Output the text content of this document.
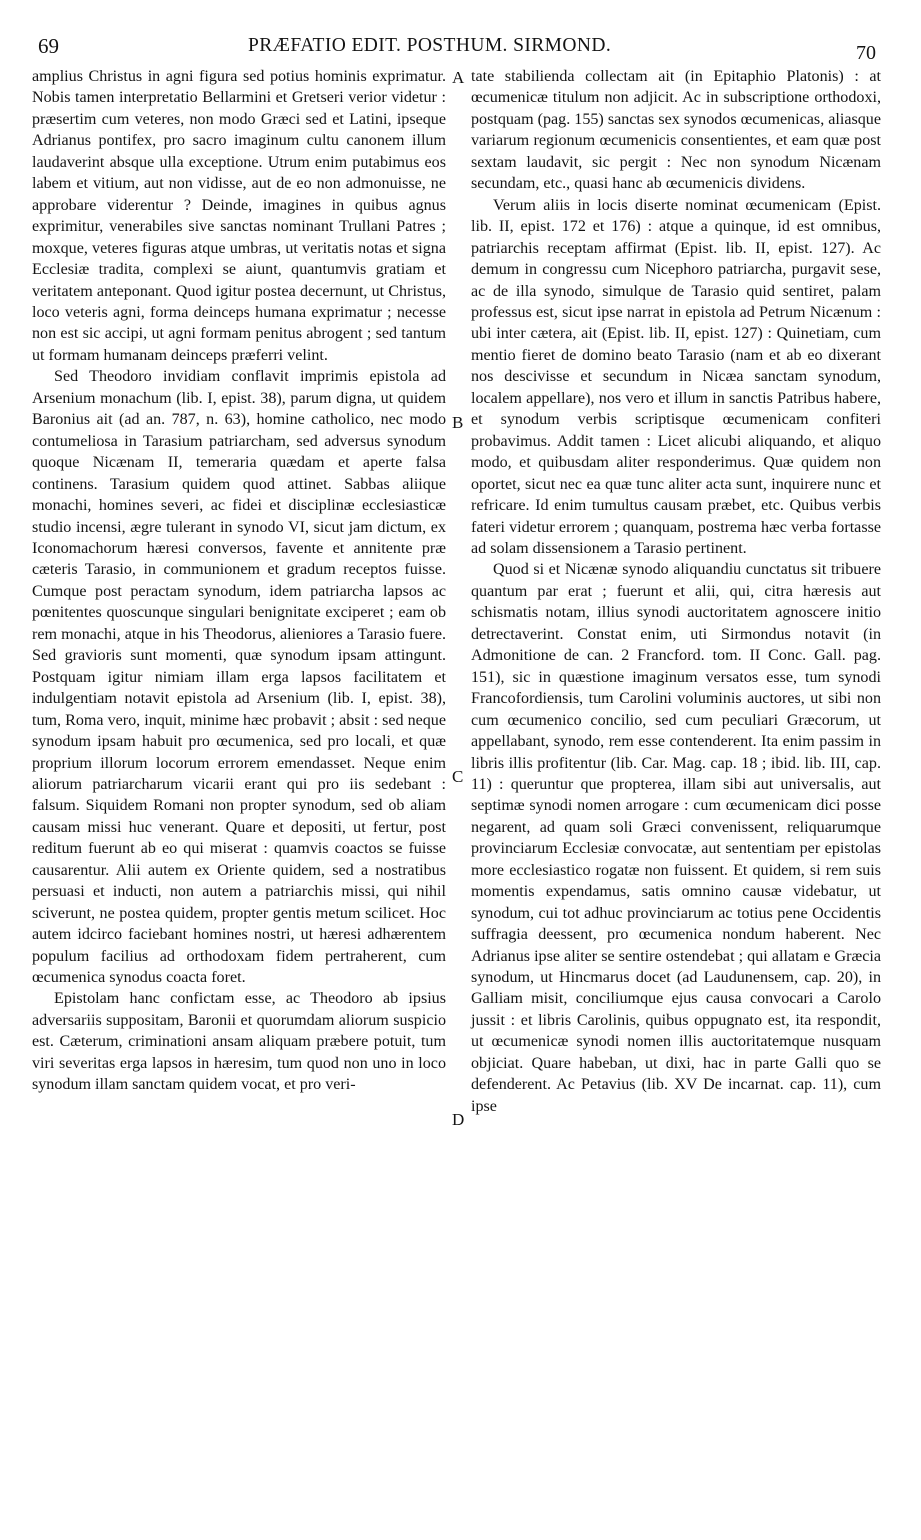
69	PRÆFATIO EDIT. POSTHUM. SIRMOND.	70
A
B
C
D

amplius Christus in agni figura sed potius hominis exprimatur. Nobis tamen interpretatio Bellarmini et Gretseri verior videtur : præsertim cum veteres, non modo Græci sed et Latini, ipseque Adrianus pontifex, pro sacro imaginum cultu canonem illum laudaverint absque ulla exceptione. Utrum enim putabimus eos labem et vitium, aut non vidisse, aut de eo non admonuisse, ne approbare viderentur ? Deinde, imagines in quibus agnus exprimitur, venerabiles sive sanctas nominant Trullani Patres ; moxque, veteres figuras atque umbras, ut veritatis notas et signa Ecclesiæ tradita, complexi se aiunt, quantumvis gratiam et veritatem anteponant. Quod igitur postea decernunt, ut Christus, loco veteris agni, forma deinceps humana exprimatur ; necesse non est sic accipi, ut agni formam penitus abrogent ; sed tantum ut formam humanam deinceps præferri velint.

Sed Theodoro invidiam conflavit imprimis epistola ad Arsenium monachum (lib. I, epist. 38), parum digna, ut quidem Baronius ait (ad an. 787, n. 63), homine catholico, nec modo contumeliosa in Tarasium patriarcham, sed adversus synodum quoque Nicænam II, temeraria quædam et aperte falsa continens. Tarasium quidem quod attinet. Sabbas aliique monachi, homines severi, ac fidei et disciplinæ ecclesiasticæ studio incensi, ægre tulerant in synodo VI, sicut jam dictum, ex Iconomachorum hæresi conversos, favente et annitente præ cæteris Tarasio, in communionem et gradum receptos fuisse. Cumque post peractam synodum, idem patriarcha lapsos ac pœnitentes quoscunque singulari benignitate exciperet ; eam ob rem monachi, atque in his Theodorus, alieniores a Tarasio fuere. Sed gravioris sunt momenti, quæ synodum ipsam attingunt. Postquam igitur nimiam illam erga lapsos facilitatem et indulgentiam notavit epistola ad Arsenium (lib. I, epist. 38), tum, Roma vero, inquit, minime hæc probavit ; absit : sed neque synodum ipsam habuit pro œcumenica, sed pro locali, et quæ proprium illorum locorum errorem emendasset. Neque enim aliorum patriarcharum vicarii erant qui pro iis sedebant : falsum. Siquidem Romani non propter synodum, sed ob aliam causam missi huc venerant. Quare et depositi, ut fertur, post reditum fuerunt ab eo qui miserat : quamvis coactos se fuisse causarentur. Alii autem ex Oriente quidem, sed a nostratibus persuasi et inducti, non autem a patriarchis missi, qui nihil sciverunt, ne postea quidem, propter gentis metum scilicet. Hoc autem idcirco faciebant homines nostri, ut hæresi adhærentem populum facilius ad orthodoxam fidem pertraherent, cum œcumenica synodus coacta foret.

Epistolam hanc confictam esse, ac Theodoro ab ipsius adversariis suppositam, Baronii et quorumdam aliorum suspicio est. Cæterum, criminationi ansam aliquam præbere potuit, tum viri severitas erga lapsos in hæresim, tum quod non uno in loco synodum illam sanctam quidem vocat, et pro veri-

tate stabilienda collectam ait (in Epitaphio Platonis) : at œcumenicæ titulum non adjicit. Ac in subscriptione orthodoxi, postquam (pag. 155) sanctas sex synodos œcumenicas, aliasque variarum regionum œcumenicis consentientes, et eam quæ post sextam laudavit, sic pergit : Nec non synodum Nicænam secundam, etc., quasi hanc ab œcumenicis dividens.

Verum aliis in locis diserte nominat œcumenicam (Epist. lib. II, epist. 172 et 176) : atque a quinque, id est omnibus, patriarchis receptam affirmat (Epist. lib. II, epist. 127). Ac demum in congressu cum Nicephoro patriarcha, purgavit sesе, ac de illa synodo, simulque de Tarasio quid sentiret, palam professus est, sicut ipse narrat in epistola ad Petrum Nicænum : ubi inter cætera, ait (Epist. lib. II, epist. 127) : Quinetiam, cum mentio fieret de domino beato Tarasio (nam et ab eo dixerant nos descivisse et secundum in Nicæa sanctam synodum, localem appellare), nos vero et illum in sanctis Patribus habere, et synodum verbis scriptisque œcumenicam confiteri probavimus. Addit tamen : Licet alicubi aliquando, et aliquo modo, et quibusdam aliter responderimus. Quæ quidem non oportet, sicut nec ea quæ tunc aliter acta sunt, inquirere nunc et refricare. Id enim tumultus causam præbet, etc. Quibus verbis fateri videtur errorem ; quanquam, postrema hæc verba fortasse ad solam dissensionem a Tarasio pertinent.

Quod si et Nicænæ synodo aliquandiu cunctatus sit tribuere quantum par erat ; fuerunt et alii, qui, citra hæresis aut schismatis notam, illius synodi auctoritatem agnoscere initio detrectaverint. Constat enim, uti Sirmondus notavit (in Admonitione de can. 2 Francford. tom. II Conc. Gall. pag. 151), sic in quæstione imaginum versatos esse, tum synodi Francofordiensis, tum Carolini voluminis auctores, ut sibi non cum œcumenico concilio, sed cum peculiari Græcorum, ut appellabant, synodo, rem esse contenderent. Ita enim passim in libris illis profitentur (lib. Car. Mag. cap. 18 ; ibid. lib. III, cap. 11) : queruntur que propterea, illam sibi aut universalis, aut septimæ synodi nomen arrogare : cum œcumenicam dici posse negarent, ad quam soli Græci convenissent, reliquarumque provinciarum Ecclesiæ convocatæ, aut sententiam per epistolas more ecclesiastico rogatæ non fuissent. Et quidem, si rem suis momentis expendamus, satis omnino causæ videbatur, ut synodum, cui tot adhuc provinciarum ac totius pene Occidentis suffragia deessent, pro œcumenica nondum haberent. Nec Adrianus ipse aliter se sentire ostendebat ; qui allatam e Græcia synodum, ut Hincmarus docet (ad Laudunensem, cap. 20), in Galliam misit, conciliumque ejus causa convocari a Carolo jussit : et libris Carolinis, quibus oppugnato est, ita respondit, ut œcumenicæ synodi nomen illis auctoritatemque nusquam objiciat. Quare habeban, ut dixi, hac in parte Galli quo se defenderent. Ac Petavius (lib. XV De incarnat. cap. 11), cum ipse
